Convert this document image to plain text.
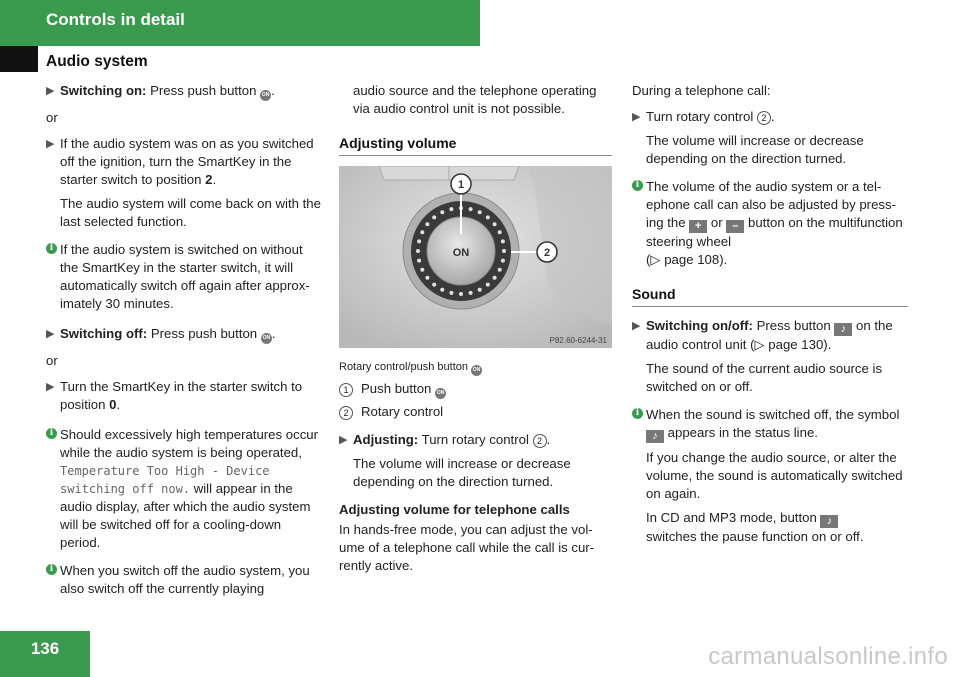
Controls in detail
Audio system
▶ Switching on: Press push button ON .
or
▶ If the audio system was on as you switched off the ignition, turn the SmartKey in the starter switch to position 2.
The audio system will come back on with the last selected function.
i If the audio system is switched on without the SmartKey in the starter switch, it will automatically switch off again after approximately 30 minutes.
▶ Switching off: Press push button ON .
or
▶ Turn the SmartKey in the starter switch to position 0.
i Should excessively high temperatures occur while the audio system is being operated, Temperature Too High - Device switching off now. will appear in the audio display, after which the audio system will be switched off for a cooling-down period.
i When you switch off the audio system, you also switch off the currently playing
audio source and the telephone operating via audio control unit is not possible.
Adjusting volume
ON
1
2
P82.60-6244-31
Rotary control/push button ON
1 Push button ON
2 Rotary control
▶ Adjusting: Turn rotary control 2 .
The volume will increase or decrease depending on the direction turned.
Adjusting volume for telephone calls
In hands-free mode, you can adjust the volume of a telephone call while the call is currently active.
During a telephone call:
▶ Turn rotary control 2 .
The volume will increase or decrease depending on the direction turned.
i The volume of the audio system or a telephone call can also be adjusted by pressing the + or – button on the multifunction steering wheel
(▷ page 108).
Sound
▶ Switching on/off: Press button ♪ on the audio control unit (▷ page 130).
The sound of the current audio source is switched on or off.
i When the sound is switched off, the symbol ♪ appears in the status line.
If you change the audio source, or alter the volume, the sound is automatically switched on again.
In CD and MP3 mode, button ♪
switches the pause function on or off.
136	carmanualsonline.info
